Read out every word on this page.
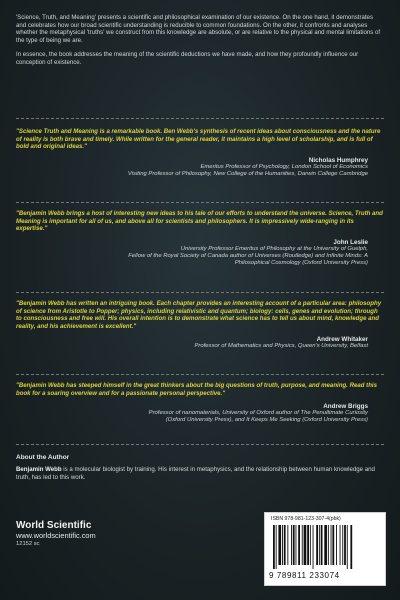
'Science, Truth, and Meaning' presents a scientific and philosophical examination of our existence. On the one hand, it demonstrates and celebrates how our broad scientific understanding is reducible to common foundations. On the other, it confronts and analyses whether the metaphysical 'truths' we construct from this knowledge are absolute, or are relative to the physical and mental limitations of the type of being we are.

In essence, the book addresses the meaning of the scientific deductions we have made, and how they profoundly influence our conception of existence.

"Science Truth and Meaning is a remarkable book. Ben Webb's synthesis of recent ideas about consciousness and the nature of reality is both brave and timely. While written for the general reader, it maintains a high level of scholarship, and is full of bold and original ideas."

Nicholas Humphrey
Emeritus Professor of Psychology, London School of Economics
Visiting Professor of Philosophy, New College of the Humanities, Darwin College Cambridge

"Benjamin Webb brings a host of interesting new ideas to his tale of our efforts to understand the universe. Science, Truth and Meaning is important for all of us, and above all for scientists and philosophers. It is impressively wide-ranging in its expertise."

John Leslie
University Professor Emeritus of Philosophy at the University of Guelph,
Fellow of the Royal Society of Canada author of Universes (Routledge) and Infinite Minds: A
Philosophical Cosmology (Oxford University Press)

"Benjamin Webb has written an intriguing book. Each chapter provides an interesting account of a particular area: philosophy of science from Aristotle to Popper; physics, including relativistic and quantum; biology: cells, genes and evolution; through to consciousness and free will. His overall intention is to demonstrate what science has to tell us about mind, knowledge and reality, and his achievement is excellent."

Andrew Whitaker
Professor of Mathematics and Physics, Queen's University, Belfast

"Benjamin Webb has steeped himself in the great thinkers about the big questions of truth, purpose, and meaning. Read this book for a soaring overview and for a passionate personal perspective."

Andrew Briggs
Professor of nanomaterials, University of Oxford author of The Penultimate Curiosity
(Oxford University Press), and It Keeps Me Seeking (Oxford University Press)
About the Author

Benjamin Webb is a molecular biologist by training. His interest in metaphysics, and the relationship between human knowledge and truth, has led to this work.

World Scientific
www.worldscientific.com
12152 sc
ISBN 978-981-123-307-4(pbk)
9 789811 233074
